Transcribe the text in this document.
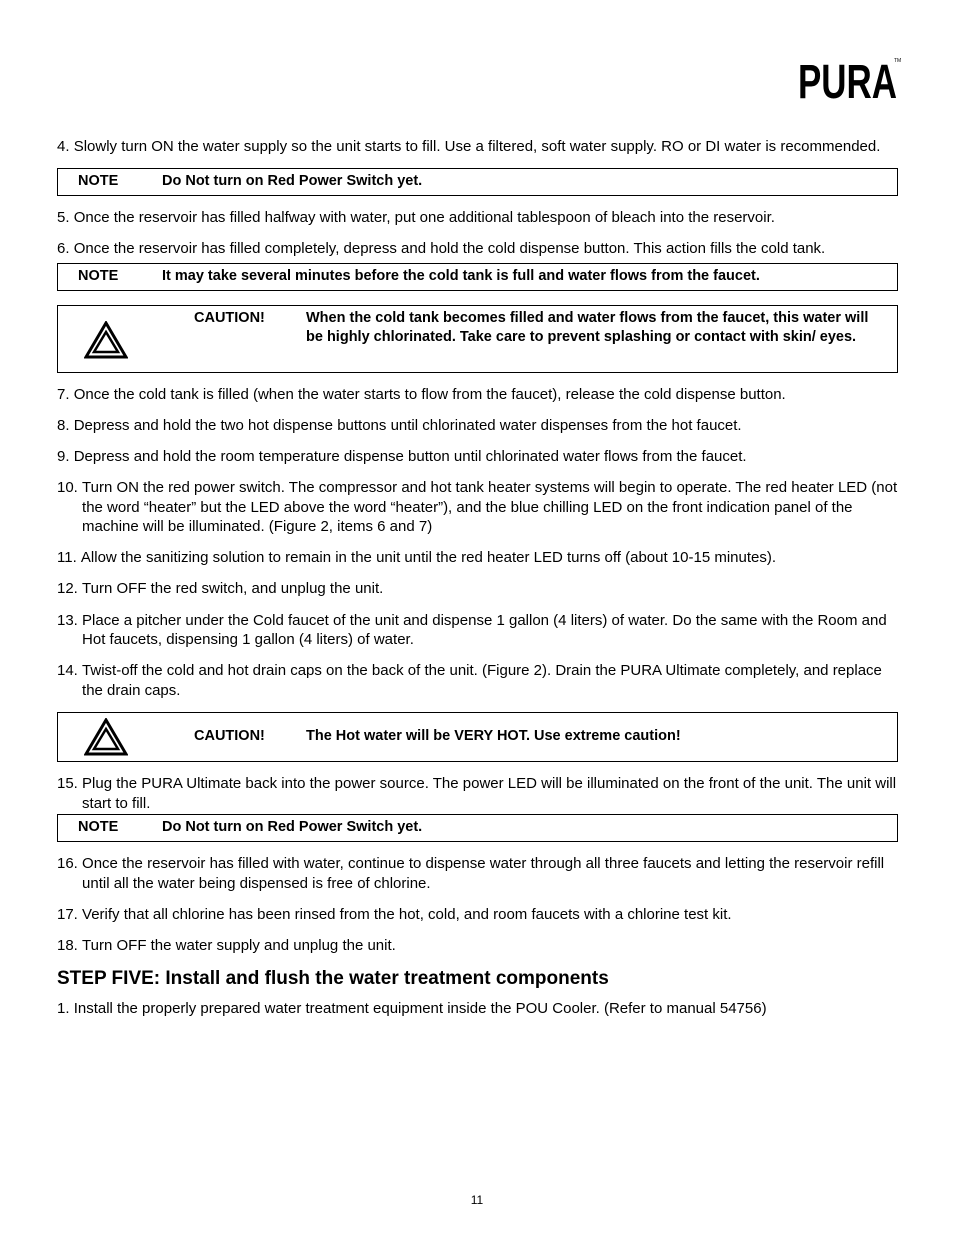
PURA
TM
4. Slowly turn ON the water supply so the unit starts to fill. Use a filtered, soft water supply. RO or DI water is recommended.
NOTE	Do Not turn on Red Power Switch yet.
5. Once the reservoir has filled halfway with water, put one additional tablespoon of bleach into the reservoir.
6. Once the reservoir has filled completely, depress and hold the cold dispense button. This action fills the cold tank.
NOTE	It may take several minutes before the cold tank is full and water flows from the faucet.
CAUTION!	When the cold tank becomes filled and water flows from the faucet, this water will be highly chlorinated. Take care to prevent splashing or contact with skin/ eyes.
7. Once the cold tank is filled (when the water starts to flow from the faucet), release the cold dispense button.
8. Depress and hold the two hot dispense buttons until chlorinated water dispenses from the hot faucet.
9. Depress and hold the room temperature dispense button until chlorinated water flows from the faucet.
10. Turn ON the red power switch. The compressor and hot tank heater systems will begin to operate. The red heater LED (not the word “heater” but the LED above the word “heater”), and the blue chilling LED on the front indication panel of the machine will be illuminated. (Figure 2, items 6 and 7)
11. Allow the sanitizing solution to remain in the unit until the red heater LED turns off (about 10-15 minutes).
12. Turn OFF the red switch, and unplug the unit.
13. Place a pitcher under the Cold faucet of the unit and dispense 1 gallon (4 liters) of water. Do the same with the Room and Hot faucets, dispensing 1 gallon (4 liters) of water.
14. Twist-off the cold and hot drain caps on the back of the unit. (Figure 2). Drain the PURA Ultimate completely, and replace the drain caps.
CAUTION!	The Hot water will be VERY HOT. Use extreme caution!
15. Plug the PURA Ultimate back into the power source. The power LED will be illuminated on the front of the unit. The unit will start to fill.
NOTE	Do Not turn on Red Power Switch yet.
16. Once the reservoir has filled with water, continue to dispense water through all three faucets and letting the reservoir refill until all the water being dispensed is free of chlorine.
17. Verify that all chlorine has been rinsed from the hot, cold, and room faucets with a chlorine test kit.
18. Turn OFF the water supply and unplug the unit.
STEP FIVE: Install and flush the water treatment components
1. Install the properly prepared water treatment equipment inside the POU Cooler. (Refer to manual 54756)
11
